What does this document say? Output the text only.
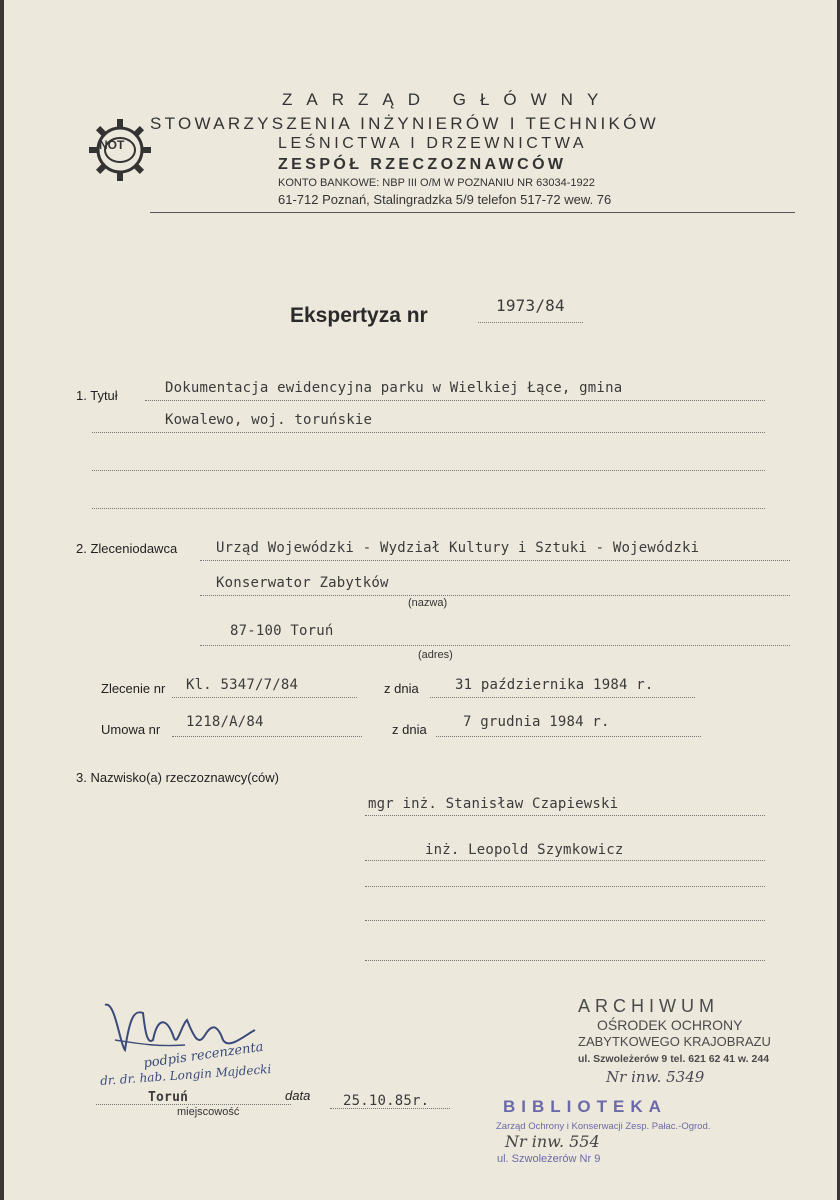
NOT
ZARZĄD GŁÓWNY
STOWARZYSZENIA INŻYNIERÓW I TECHNIKÓW
LEŚNICTWA I DRZEWNICTWA
ZESPÓŁ RZECZOZNAWCÓW
KONTO BANKOWE: NBP III O/M W POZNANIU NR 63034-1922
61-712 Poznań, Stalingradzka 5/9 telefon 517-72 wew. 76
Ekspertyza nr	1973/84
1. Tytuł	Dokumentacja ewidencyjna parku w Wielkiej Łące, gmina
Kowalewo, woj. toruńskie
2. Zleceniodawca	Urząd Wojewódzki - Wydział Kultury i Sztuki - Wojewódzki
Konserwator Zabytków
(nazwa)
87-100 Toruń
(adres)
Zlecenie nr Kl. 5347/7/84	z dnia	31 października 1984 r.
Umowa nr 1218/A/84	z dnia	7 grudnia 1984 r.
3. Nazwisko(a) rzeczoznawcy(ców)
mgr inż. Stanisław Czapiewski
inż. Leopold Szymkowicz
podpis recenzenta
dr. dr. hab. Longin Majdecki
Toruń
miejscowość
data 25.10.85r.
ARCHIWUM
OŚRODEK OCHRONY
ZABYTKOWEGO KRAJOBRAZU
ul. Szwoleżerów 9 tel. 621 62 41 w. 244
Nr inw. 5349
BIBLIOTEKA
Zarząd Ochrony i Konserwacji Zesp. Pałac.-Ogrod.
Nr inw. 554
ul. Szwoleżerów Nr 9
